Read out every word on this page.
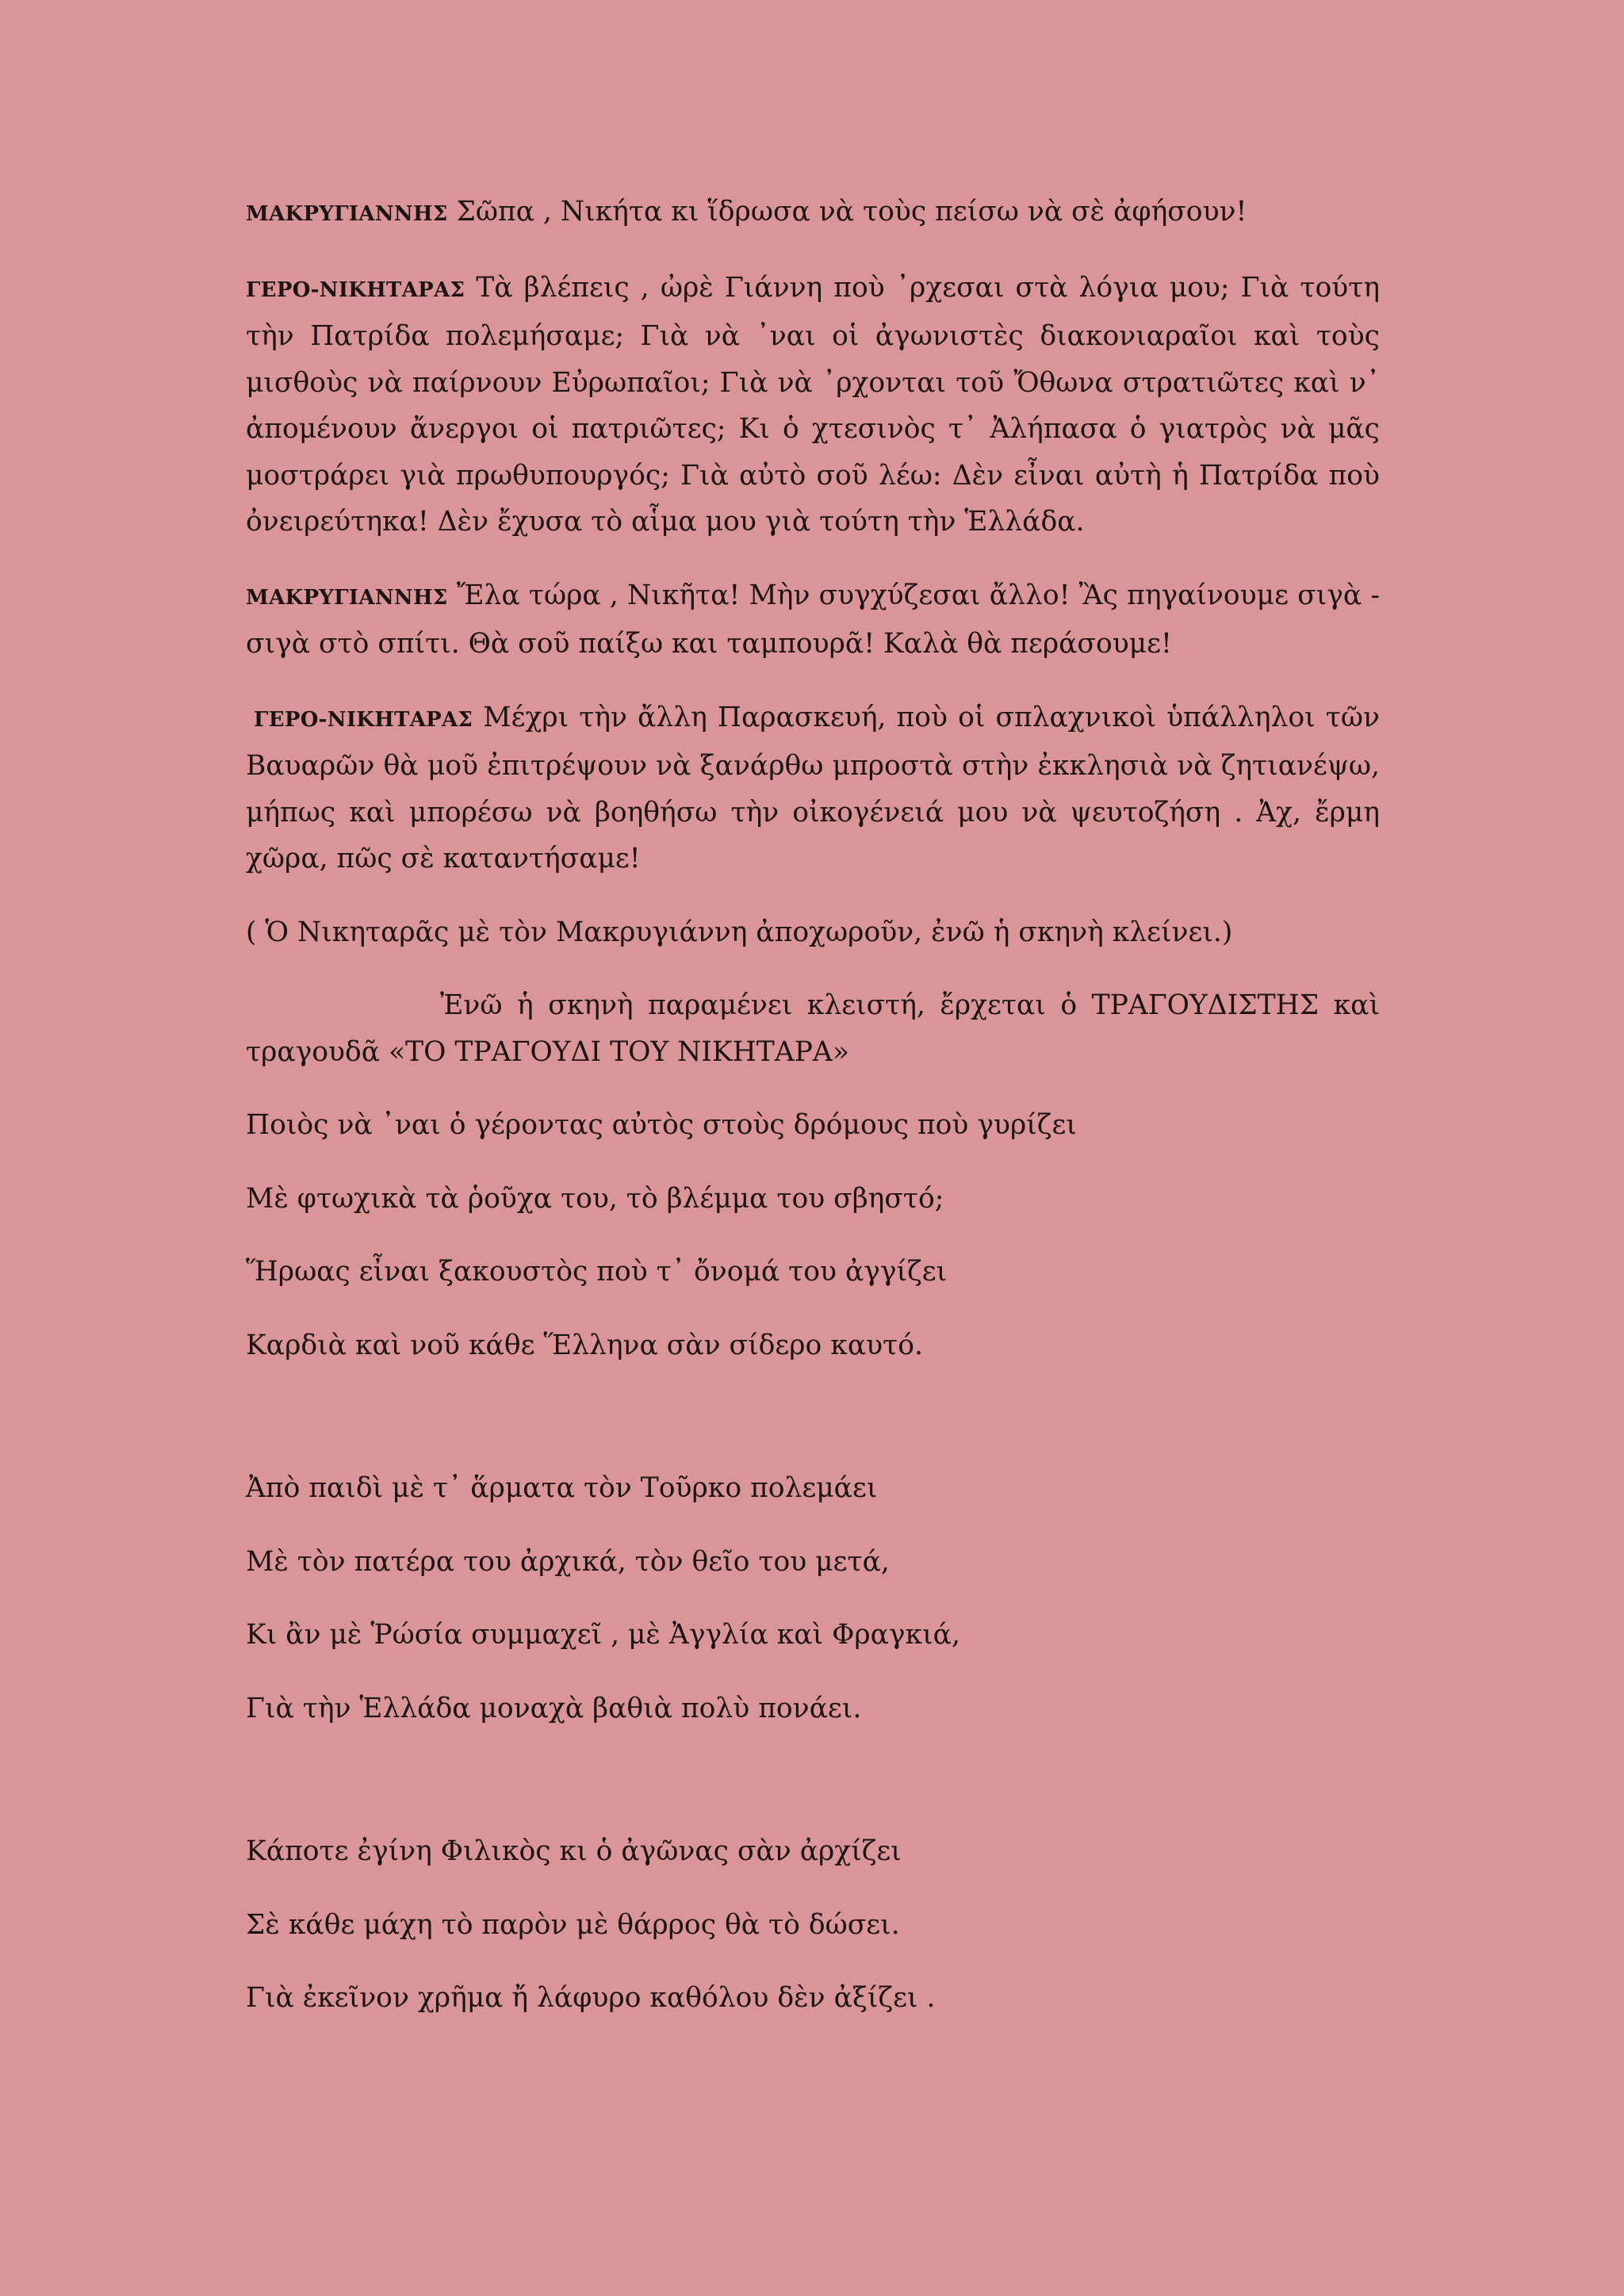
ΜΑΚΡΥΓΙΑΝΝΗΣ Σῶπα , Νικήτα κι ἵδρωσα νὰ τοὺς πείσω νὰ σὲ ἀφήσουν!

ΓΕΡΟ-ΝΙΚΗΤΑΡΑΣ Τὰ βλέπεις , ὠρὲ Γιάννη ποὺ ᾿ρχεσαι στὰ λόγια μου; Γιὰ τούτη τὴν Πατρίδα πολεμήσαμε; Γιὰ νὰ ᾿ναι οἱ ἀγωνιστὲς διακονιαραῖοι καὶ τοὺς μισθοὺς νὰ παίρνουν Εὐρωπαῖοι; Γιὰ νὰ ᾿ρχονται τοῦ Ὄθωνα στρατιῶτες καὶ ν᾿ ἀπομένουν ἄνεργοι οἱ πατριῶτες; Κι ὁ χτεσινὸς τ᾿ Ἀλήπασα ὁ γιατρὸς νὰ μᾶς μοστράρει γιὰ πρωθυπουργός; Γιὰ αὐτὸ σοῦ λέω: Δὲν εἶναι αὐτὴ ἡ Πατρίδα ποὺ ὀνειρεύτηκα! Δὲν ἔχυσα τὸ αἷμα μου γιὰ τούτη τὴν Ἑλλάδα.

ΜΑΚΡΥΓΙΑΝΝΗΣ Ἔλα τώρα , Νικῆτα! Μὴν συγχύζεσαι ἄλλο! Ἂς πηγαίνουμε σιγὰ - σιγὰ στὸ σπίτι. Θὰ σοῦ παίξω και ταμπουρᾶ! Καλὰ θὰ περάσουμε!

ΓΕΡΟ-ΝΙΚΗΤΑΡΑΣ Μέχρι τὴν ἄλλη Παρασκευή, ποὺ οἱ σπλαχνικοὶ ὑπάλληλοι τῶν Βαυαρῶν θὰ μοῦ ἐπιτρέψουν νὰ ξανάρθω μπροστὰ στὴν ἐκκλησιὰ νὰ ζητιανέψω, μήπως καὶ μπορέσω νὰ βοηθήσω τὴν οἰκογένειά μου νὰ ψευτοζήση . Ἀχ, ἔρμη χῶρα, πῶς σὲ καταντήσαμε!

( Ὁ Νικηταρᾶς μὲ τὸν Μακρυγιάννη ἀποχωροῦν, ἐνῶ ἡ σκηνὴ κλείνει.)

Ἐνῶ ἡ σκηνὴ παραμένει κλειστή, ἔρχεται ὁ ΤΡΑΓΟΥΔΙΣΤΗΣ καὶ τραγουδᾶ «ΤΟ ΤΡΑΓΟΥΔΙ ΤΟΥ ΝΙΚΗΤΑΡΑ»

Ποιὸς νὰ ᾿ναι ὁ γέροντας αὐτὸς στοὺς δρόμους ποὺ γυρίζει

Μὲ φτωχικὰ τὰ ῥοῦχα του, τὸ βλέμμα του σβηστό;

Ἥρωας εἶναι ξακουστὸς ποὺ τ᾿ ὄνομά του ἀγγίζει

Καρδιὰ καὶ νοῦ κάθε Ἕλληνα σὰν σίδερο καυτό.

Ἀπὸ παιδὶ μὲ τ᾿ ἅρματα τὸν Τοῦρκο πολεμάει

Μὲ τὸν πατέρα του ἀρχικά, τὸν θεῖο του μετά,

Κι ἂν μὲ Ῥώσία συμμαχεῖ , μὲ Ἀγγλία καὶ Φραγκιά,

Γιὰ τὴν Ἑλλάδα μοναχὰ βαθιὰ πολὺ πονάει.

Κάποτε ἐγίνη Φιλικὸς κι ὁ ἀγῶνας σὰν ἀρχίζει

Σὲ κάθε μάχη τὸ παρὸν μὲ θάρρος θὰ τὸ δώσει.

Γιὰ ἐκεῖνον χρῆμα ἤ λάφυρο καθόλου δὲν ἀξίζει .
